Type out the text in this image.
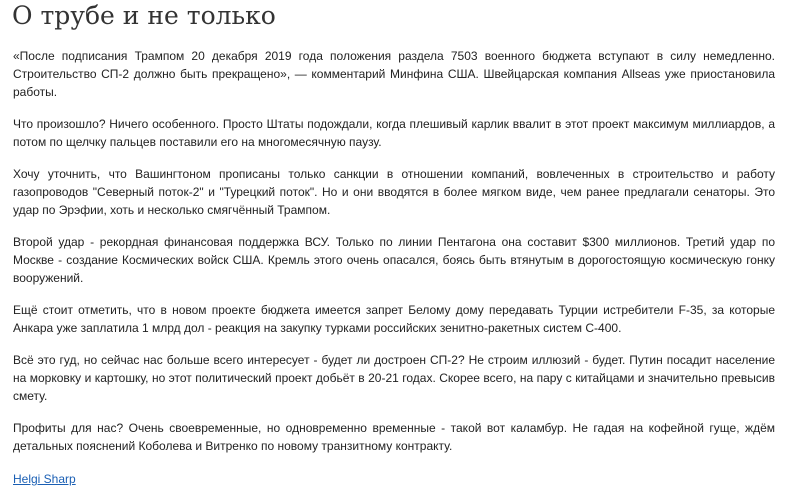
О трубе и не только

«После подписания Трампом 20 декабря 2019 года положения раздела 7503 военного бюджета вступают в силу немедленно. Строительство СП-2 должно быть прекращено», — комментарий Минфина США. Швейцарская компания Allseas уже приостановила работы.

Что произошло? Ничего особенного. Просто Штаты подождали, когда плешивый карлик ввалит в этот проект максимум миллиардов, а потом по щелчку пальцев поставили его на многомесячную паузу.

Хочу уточнить, что Вашингтоном прописаны только санкции в отношении компаний, вовлеченных в строительство и работу газопроводов "Северный поток-2" и "Турецкий поток". Но и они вводятся в более мягком виде, чем ранее предлагали сенаторы. Это удар по Эрэфии, хоть и несколько смягчённый Трампом.

Второй удар - рекордная финансовая поддержка ВСУ. Только по линии Пентагона она составит $300 миллионов. Третий удар по Москве - создание Космических войск США. Кремль этого очень опасался, боясь быть втянутым в дорогостоящую космическую гонку вооружений.

Ещё стоит отметить, что в новом проекте бюджета имеется запрет Белому дому передавать Турции истребители F-35, за которые Анкара уже заплатила 1 млрд дол - реакция на закупку турками российских зенитно-ракетных систем С-400.

Всё это гуд, но сейчас нас больше всего интересует - будет ли достроен СП-2? Не строим иллюзий - будет. Путин посадит население на морковку и картошку, но этот политический проект добьёт в 20-21 годах. Скорее всего, на пару с китайцами и значительно превысив смету.

Профиты для нас? Очень своевременные, но одновременно временные - такой вот каламбур. Не гадая на кофейной гуще, ждём детальных пояснений Коболева и Витренко по новому транзитному контракту.

Helgi Sharp
